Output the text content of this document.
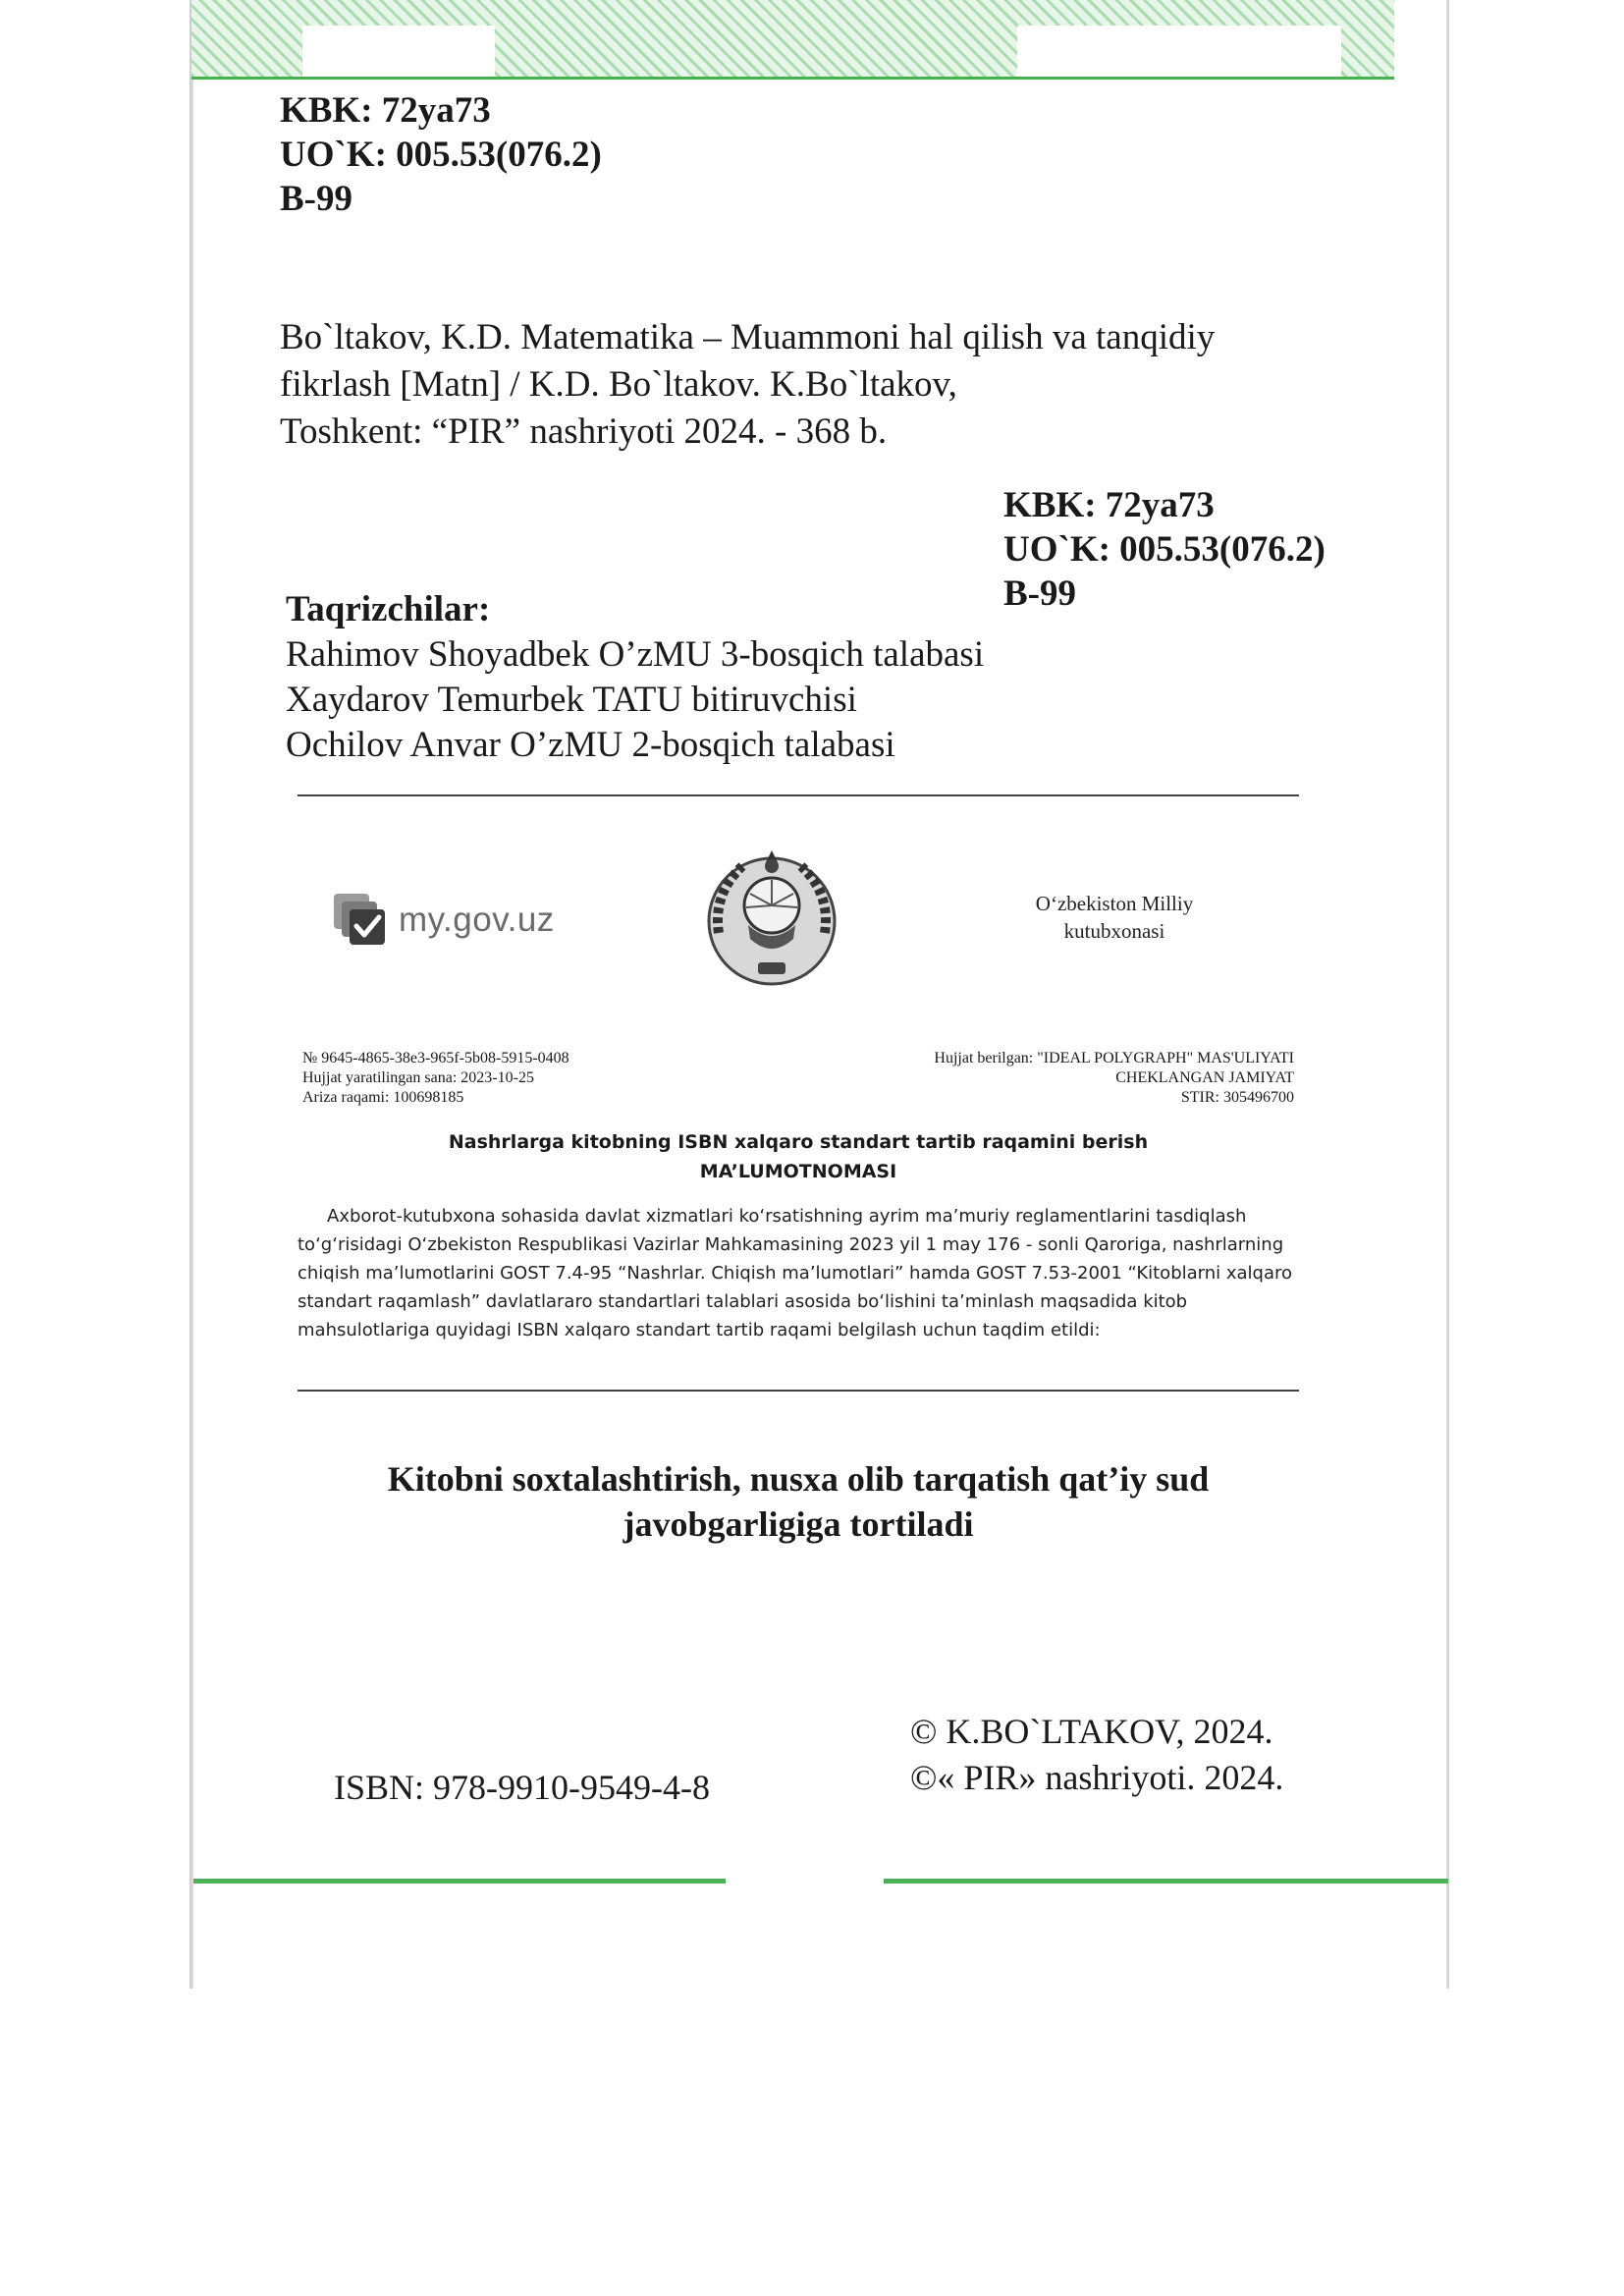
KBK: 72ya73
UO`K: 005.53(076.2)
B-99
Bo`ltakov, K.D. Matematika – Muammoni hal qilish va tanqidiy
fikrlash [Matn] / K.D. Bo`ltakov. K.Bo`ltakov,
Toshkent: “PIR” nashriyoti 2024. - 368 b.
KBK: 72ya73
UO`K: 005.53(076.2)
B-99
Taqrizchilar:
Rahimov Shoyadbek O’zMU 3-bosqich talabasi
Xaydarov Temurbek TATU bitiruvchisi
Ochilov Anvar O’zMU 2-bosqich talabasi
my.gov.uz	O‘zbekiston Milliy kutubxonasi
№ 9645-4865-38e3-965f-5b08-5915-0408
Hujjat yaratilingan sana: 2023-10-25
Ariza raqami: 100698185
Hujjat berilgan: "IDEAL POLYGRAPH" MAS'ULIYATI
CHEKLANGAN JAMIYAT
STIR: 305496700
Nashrlarga kitobning ISBN xalqaro standart tartib raqamini berish
MA’LUMOTNOMASI
Axborot-kutubxona sohasida davlat xizmatlari ko‘rsatishning ayrim ma’muriy reglamentlarini tasdiqlash to‘g‘risidagi O‘zbekiston Respublikasi Vazirlar Mahkamasining 2023 yil 1 may 176 - sonli Qaroriga, nashrlarning chiqish ma’lumotlarini GOST 7.4-95 “Nashrlar. Chiqish ma’lumotlari” hamda GOST 7.53-2001 “Kitoblarni xalqaro standart raqamlash” davlatlararo standartlari talablari asosida bo‘lishini ta’minlash maqsadida kitob mahsulotlariga quyidagi ISBN xalqaro standart tartib raqami belgilash uchun taqdim etildi:
Kitobni soxtalashtirish, nusxa olib tarqatish qat’iy sud
javobgarligiga tortiladi
© K.BO`LTAKOV, 2024.
©« PIR» nashriyoti. 2024.
ISBN: 978-9910-9549-4-8
